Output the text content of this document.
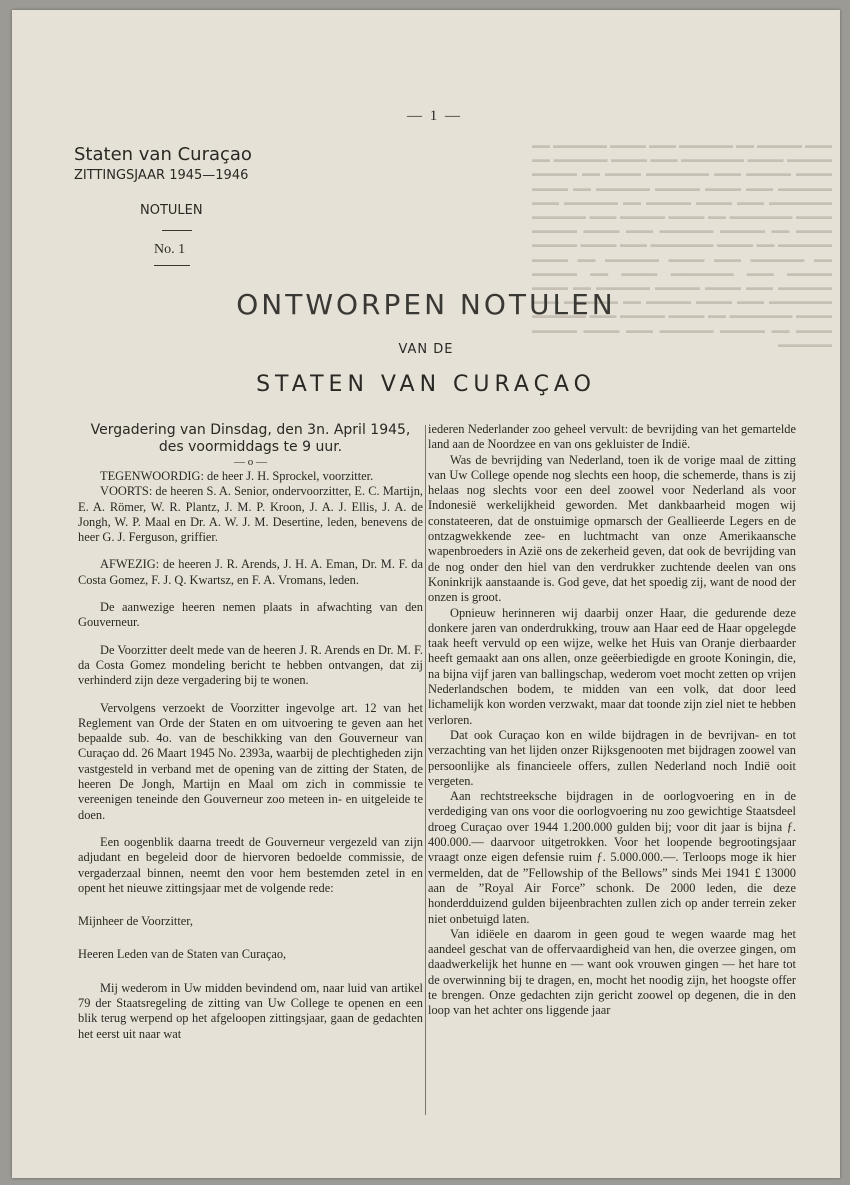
▬▬▬ ▬▬▬▬▬ ▬▬ ▬▬▬▬▬▬ ▬▬▬ ▬▬▬▬ ▬▬▬▬▬▬ ▬▬ ▬▬▬▬▬ ▬▬▬▬ ▬▬▬▬▬▬▬ ▬▬▬ ▬▬▬▬ ▬▬▬▬▬▬ ▬▬ ▬▬▬▬ ▬▬▬▬▬ ▬▬▬ ▬▬▬▬▬▬▬ ▬▬▬▬ ▬▬ ▬▬▬▬▬ ▬▬▬▬▬▬ ▬▬▬ ▬▬▬▬ ▬▬▬▬▬ ▬▬▬▬▬▬ ▬▬ ▬▬▬▬ ▬▬▬▬▬▬▬ ▬▬▬ ▬▬▬▬ ▬▬▬▬▬ ▬▬ ▬▬▬▬▬▬ ▬▬▬ ▬▬▬▬ ▬▬▬▬▬▬▬ ▬▬ ▬▬▬▬ ▬▬▬▬▬ ▬▬▬ ▬▬▬▬▬▬ ▬▬▬▬ ▬▬ ▬▬▬▬▬ ▬▬▬▬▬▬ ▬▬▬ ▬▬▬▬ ▬▬▬▬▬ ▬▬▬▬▬▬ ▬▬ ▬▬▬▬ ▬▬▬▬▬▬▬ ▬▬▬ ▬▬▬▬ ▬▬▬▬▬ ▬▬ ▬▬▬▬▬▬ ▬▬▬ ▬▬▬▬ ▬▬▬▬▬▬ ▬▬ ▬▬▬▬ ▬▬▬▬▬ ▬▬▬ ▬▬▬▬▬▬▬ ▬▬▬▬ ▬▬ ▬▬▬▬▬ ▬▬▬▬▬▬ ▬▬▬ ▬▬▬▬ ▬▬▬▬▬ ▬▬▬▬▬▬ ▬▬ ▬▬▬▬ ▬▬▬▬▬▬▬ ▬▬▬ ▬▬▬▬ ▬▬▬▬▬ ▬▬ ▬▬▬▬▬▬ ▬▬▬ ▬▬▬▬ ▬▬▬▬▬▬▬ ▬▬ ▬▬▬▬ ▬▬▬▬▬ ▬▬▬ ▬▬▬▬▬▬ ▬▬▬▬ ▬▬ ▬▬▬▬▬ ▬▬▬▬▬▬ ▬▬▬ ▬▬▬▬ ▬▬▬▬▬ ▬▬▬▬▬▬
— 1 —
Staten van Curaçao
ZITTINGSJAAR 1945—1946
NOTULEN
No. 1
ONTWORPEN NOTULEN
VAN DE
STATEN VAN CURAÇAO

Vergadering van Dinsdag, den 3n. April 1945, des voormiddags te 9 uur.

— o —

TEGENWOORDIG: de heer J. H. Sprockel, voorzitter.

VOORTS: de heeren S. A. Senior, ondervoorzitter, E. C. Martijn, E. A. Römer, W. R. Plantz, J. M. P. Kroon, J. A. J. Ellis, J. A. de Jongh, W. P. Maal en Dr. A. W. J. M. Desertine, leden, benevens de heer G. J. Ferguson, griffier.

AFWEZIG: de heeren J. R. Arends, J. H. A. Eman, Dr. M. F. da Costa Gomez, F. J. Q. Kwartsz, en F. A. Vromans, leden.

De aanwezige heeren nemen plaats in afwachting van den Gouverneur.

De Voorzitter deelt mede van de heeren J. R. Arends en Dr. M. F. da Costa Gomez mondeling bericht te hebben ontvangen, dat zij verhinderd zijn deze vergadering bij te wonen.

Vervolgens verzoekt de Voorzitter ingevolge art. 12 van het Reglement van Orde der Staten en om uitvoering te geven aan het bepaalde sub. 4o. van de beschikking van den Gouverneur van Curaçao dd. 26 Maart 1945 No. 2393a, waarbij de plechtigheden zijn vastgesteld in verband met de opening van de zitting der Staten, de heeren De Jongh, Martijn en Maal om zich in commissie te vereenigen teneinde den Gouverneur zoo meteen in- en uitgeleide te doen.

Een oogenblik daarna treedt de Gouverneur vergezeld van zijn adjudant en begeleid door de hiervoren bedoelde commissie, de vergaderzaal binnen, neemt den voor hem bestemden zetel in en opent het nieuwe zittingsjaar met de volgende rede:

Mijnheer de Voorzitter,

Heeren Leden van de Staten van Curaçao,

Mij wederom in Uw midden bevindend om, naar luid van artikel 79 der Staatsregeling de zitting van Uw College te openen en een blik terug werpend op het afgeloopen zittingsjaar, gaan de gedachten het eerst uit naar wat

iederen Nederlander zoo geheel vervult: de bevrijding van het gemartelde land aan de Noordzee en van ons gekluister de Indië.

Was de bevrijding van Nederland, toen ik de vorige maal de zitting van Uw College opende nog slechts een hoop, die schemerde, thans is zij helaas nog slechts voor een deel zoowel voor Nederland als voor Indonesië werkelijkheid geworden. Met dankbaarheid mogen wij constateeren, dat de onstuimige opmarsch der Geallieerde Legers en de ontzagwekkende zee- en luchtmacht van onze Amerikaansche wapenbroeders in Azië ons de zekerheid geven, dat ook de bevrijding van de nog onder den hiel van den verdrukker zuchtende deelen van ons Koninkrijk aanstaande is. God geve, dat het spoedig zij, want de nood der onzen is groot.

Opnieuw herinneren wij daarbij onzer Haar, die gedurende deze donkere jaren van onderdrukking, trouw aan Haar eed de Haar opgelegde taak heeft vervuld op een wijze, welke het Huis van Oranje dierbaarder heeft gemaakt aan ons allen, onze geëerbiedigde en groote Koningin, die, na bijna vijf jaren van ballingschap, wederom voet mocht zetten op vrijen Nederlandschen bodem, te midden van een volk, dat door leed lichamelijk kon worden verzwakt, maar dat toonde zijn ziel niet te hebben verloren.

Dat ook Curaçao kon en wilde bijdragen in de bevrijvan- en tot verzachting van het lijden onzer Rijksgenooten met bijdragen zoowel van persoonlijke als financieele offers, zullen Nederland noch Indië ooit vergeten.

Aan rechtstreeksche bijdragen in de oorlogvoering en in de verdediging van ons voor die oorlogvoering nu zoo gewichtige Staatsdeel droeg Curaçao over 1944 1.200.000 gulden bij; voor dit jaar is bijna ƒ. 400.000.— daarvoor uitgetrokken. Voor het loopende begrootingsjaar vraagt onze eigen defensie ruim ƒ. 5.000.000.—. Terloops moge ik hier vermelden, dat de ”Fellowship of the Bellows” sinds Mei 1941 £ 13000 aan de ”Royal Air Force” schonk. De 2000 leden, die deze honderdduizend gulden bijeenbrachten zullen zich op ander terrein zeker niet onbetuigd laten.

Van idiëele en daarom in geen goud te wegen waarde mag het aandeel geschat van de offervaardigheid van hen, die overzee gingen, om daadwerkelijk het hunne en — want ook vrouwen gingen — het hare tot de overwinning bij te dragen, en, mocht het noodig zijn, het hoogste offer te brengen. Onze gedachten zijn gericht zoowel op degenen, die in den loop van het achter ons liggende jaar
